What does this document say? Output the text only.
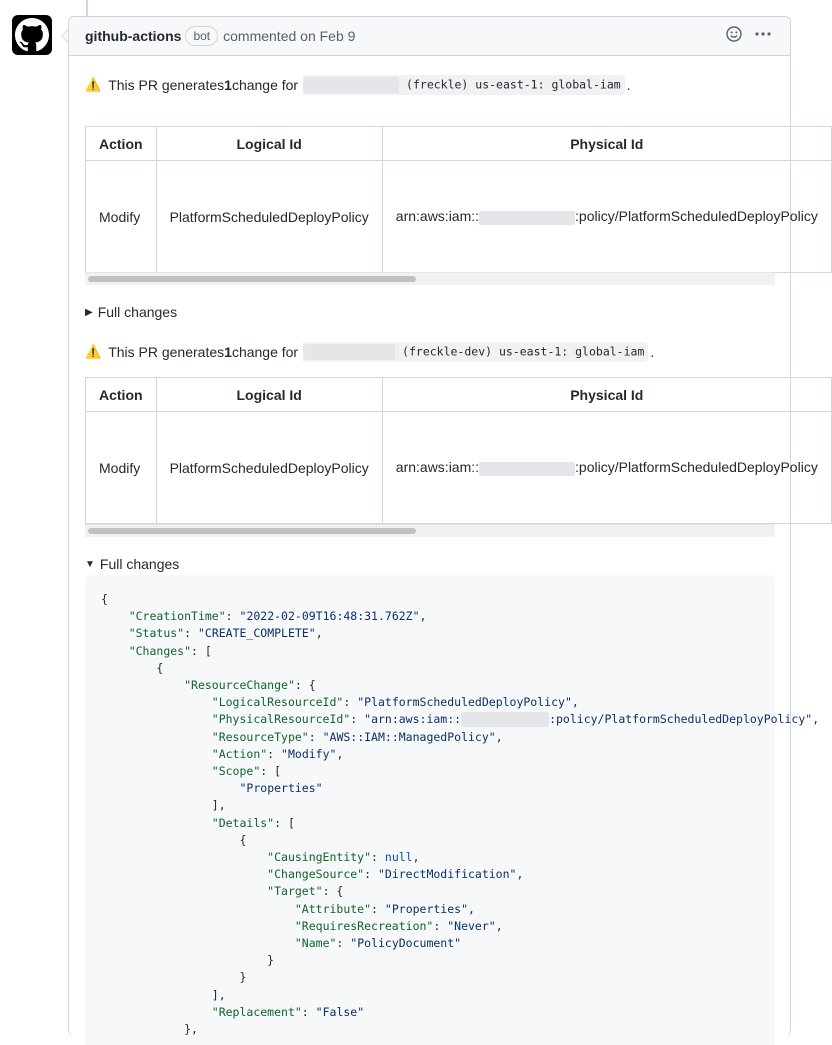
github-actions	bot commented on Feb 9
⚠️ This PR generates 1 change for	(freckle) us-east-1: global-iam .
Action	Logical Id	Physical Id
Modify	PlatformScheduledDeployPolicy	arn:aws:iam:: :policy/PlatformScheduledDeployPolicy
▶ Full changes
⚠️ This PR generates 1 change for	(freckle-dev) us-east-1: global-iam .
Action	Logical Id	Physical Id
Modify	PlatformScheduledDeployPolicy	arn:aws:iam:: :policy/PlatformScheduledDeployPolicy
▼ Full changes
{
"CreationTime": "2022-02-09T16:48:31.762Z",
"Status": "CREATE_COMPLETE",
"Changes": [
{
"ResourceChange": {
"LogicalResourceId": "PlatformScheduledDeployPolicy",
"PhysicalResourceId": "arn:aws:iam::	:policy/PlatformScheduledDeployPolicy",
"ResourceType": "AWS::IAM::ManagedPolicy",
"Action": "Modify",
"Scope": [
"Properties"
],
"Details": [
{
"CausingEntity": null,
"ChangeSource": "DirectModification",
"Target": {
"Attribute": "Properties",
"RequiresRecreation": "Never",
"Name": "PolicyDocument"
}
}
],
"Replacement": "False"
},
